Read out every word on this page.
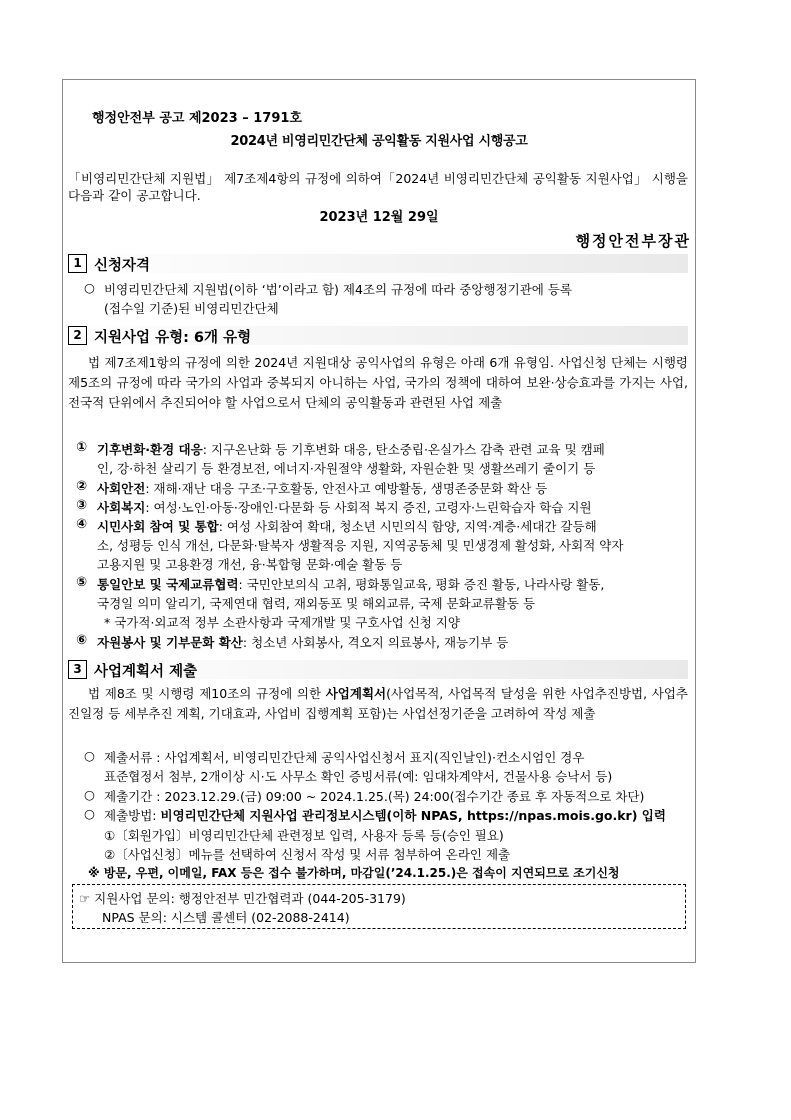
행정안전부 공고 제2023 – 1791호
2024년 비영리민간단체 공익활동 지원사업 시행공고
「비영리민간단체 지원법」 제7조제4항의 규정에 의하여「2024년 비영리민간단체 공익활동 지원사업」 시행을 다음과 같이 공고합니다.
2023년 12월 29일
행정안전부장관
1 신청자격
○ 비영리민간단체 지원법(이하 ‘법’이라고 함) 제4조의 규정에 따라 중앙행정기관에 등록
(접수일 기준)된 비영리민간단체
2 지원사업 유형: 6개 유형
법 제7조제1항의 규정에 의한 2024년 지원대상 공익사업의 유형은 아래 6개 유형임. 사업신청 단체는 시행령 제5조의 규정에 따라 국가의 사업과 중복되지 아니하는 사업, 국가의 정책에 대하여 보완·상승효과를 가지는 사업, 전국적 단위에서 추진되어야 할 사업으로서 단체의 공익활동과 관련된 사업 제출
① 기후변화·환경 대응: 지구온난화 등 기후변화 대응, 탄소중립·온실가스 감축 관련 교육 및 캠페
인, 강·하천 살리기 등 환경보전, 에너지·자원절약 생활화, 자원순환 및 생활쓰레기 줄이기 등
② 사회안전: 재해·재난 대응 구조·구호활동, 안전사고 예방활동, 생명존중문화 확산 등
③ 사회복지: 여성·노인·아동·장애인·다문화 등 사회적 복지 증진, 고령자·느린학습자 학습 지원
④ 시민사회 참여 및 통합: 여성 사회참여 확대, 청소년 시민의식 함양, 지역·계층·세대간 갈등해
소, 성평등 인식 개선, 다문화·탈북자 생활적응 지원, 지역공동체 및 민생경제 활성화, 사회적 약자
고용지원 및 고용환경 개선, 융·복합형 문화·예술 활동 등
⑤ 통일안보 및 국제교류협력: 국민안보의식 고취, 평화통일교육, 평화 증진 활동, 나라사랑 활동,
국경일 의미 알리기, 국제연대 협력, 재외동포 및 해외교류, 국제 문화교류활동 등
* 국가적·외교적 정부 소관사항과 국제개발 및 구호사업 신청 지양
⑥ 자원봉사 및 기부문화 확산: 청소년 사회봉사, 격오지 의료봉사, 재능기부 등
3 사업계획서 제출
법 제8조 및 시행령 제10조의 규정에 의한 사업계획서(사업목적, 사업목적 달성을 위한 사업추진방법, 사업추진일정 등 세부추진 계획, 기대효과, 사업비 집행계획 포함)는 사업선정기준을 고려하여 작성 제출
○ 제출서류 : 사업계획서, 비영리민간단체 공익사업신청서 표지(직인날인)·컨소시엄인 경우
표준협정서 첨부, 2개이상 시·도 사무소 확인 증빙서류(예: 임대차계약서, 건물사용 승낙서 등)
○ 제출기간 : 2023.12.29.(금) 09:00 ~ 2024.1.25.(목) 24:00(접수기간 종료 후 자동적으로 차단)
○ 제출방법: 비영리민간단체 지원사업 관리정보시스템(이하 NPAS, https://npas.mois.go.kr) 입력
①〔회원가입〕비영리민간단체 관련정보 입력, 사용자 등록 등(승인 필요)
②〔사업신청〕메뉴를 선택하여 신청서 작성 및 서류 첨부하여 온라인 제출
※ 방문, 우편, 이메일, FAX 등은 접수 불가하며, 마감일(’24.1.25.)은 접속이 지연되므로 조기신청
☞ 지원사업 문의: 행정안전부 민간협력과 (044-205-3179)
NPAS 문의: 시스템 콜센터 (02-2088-2414)
